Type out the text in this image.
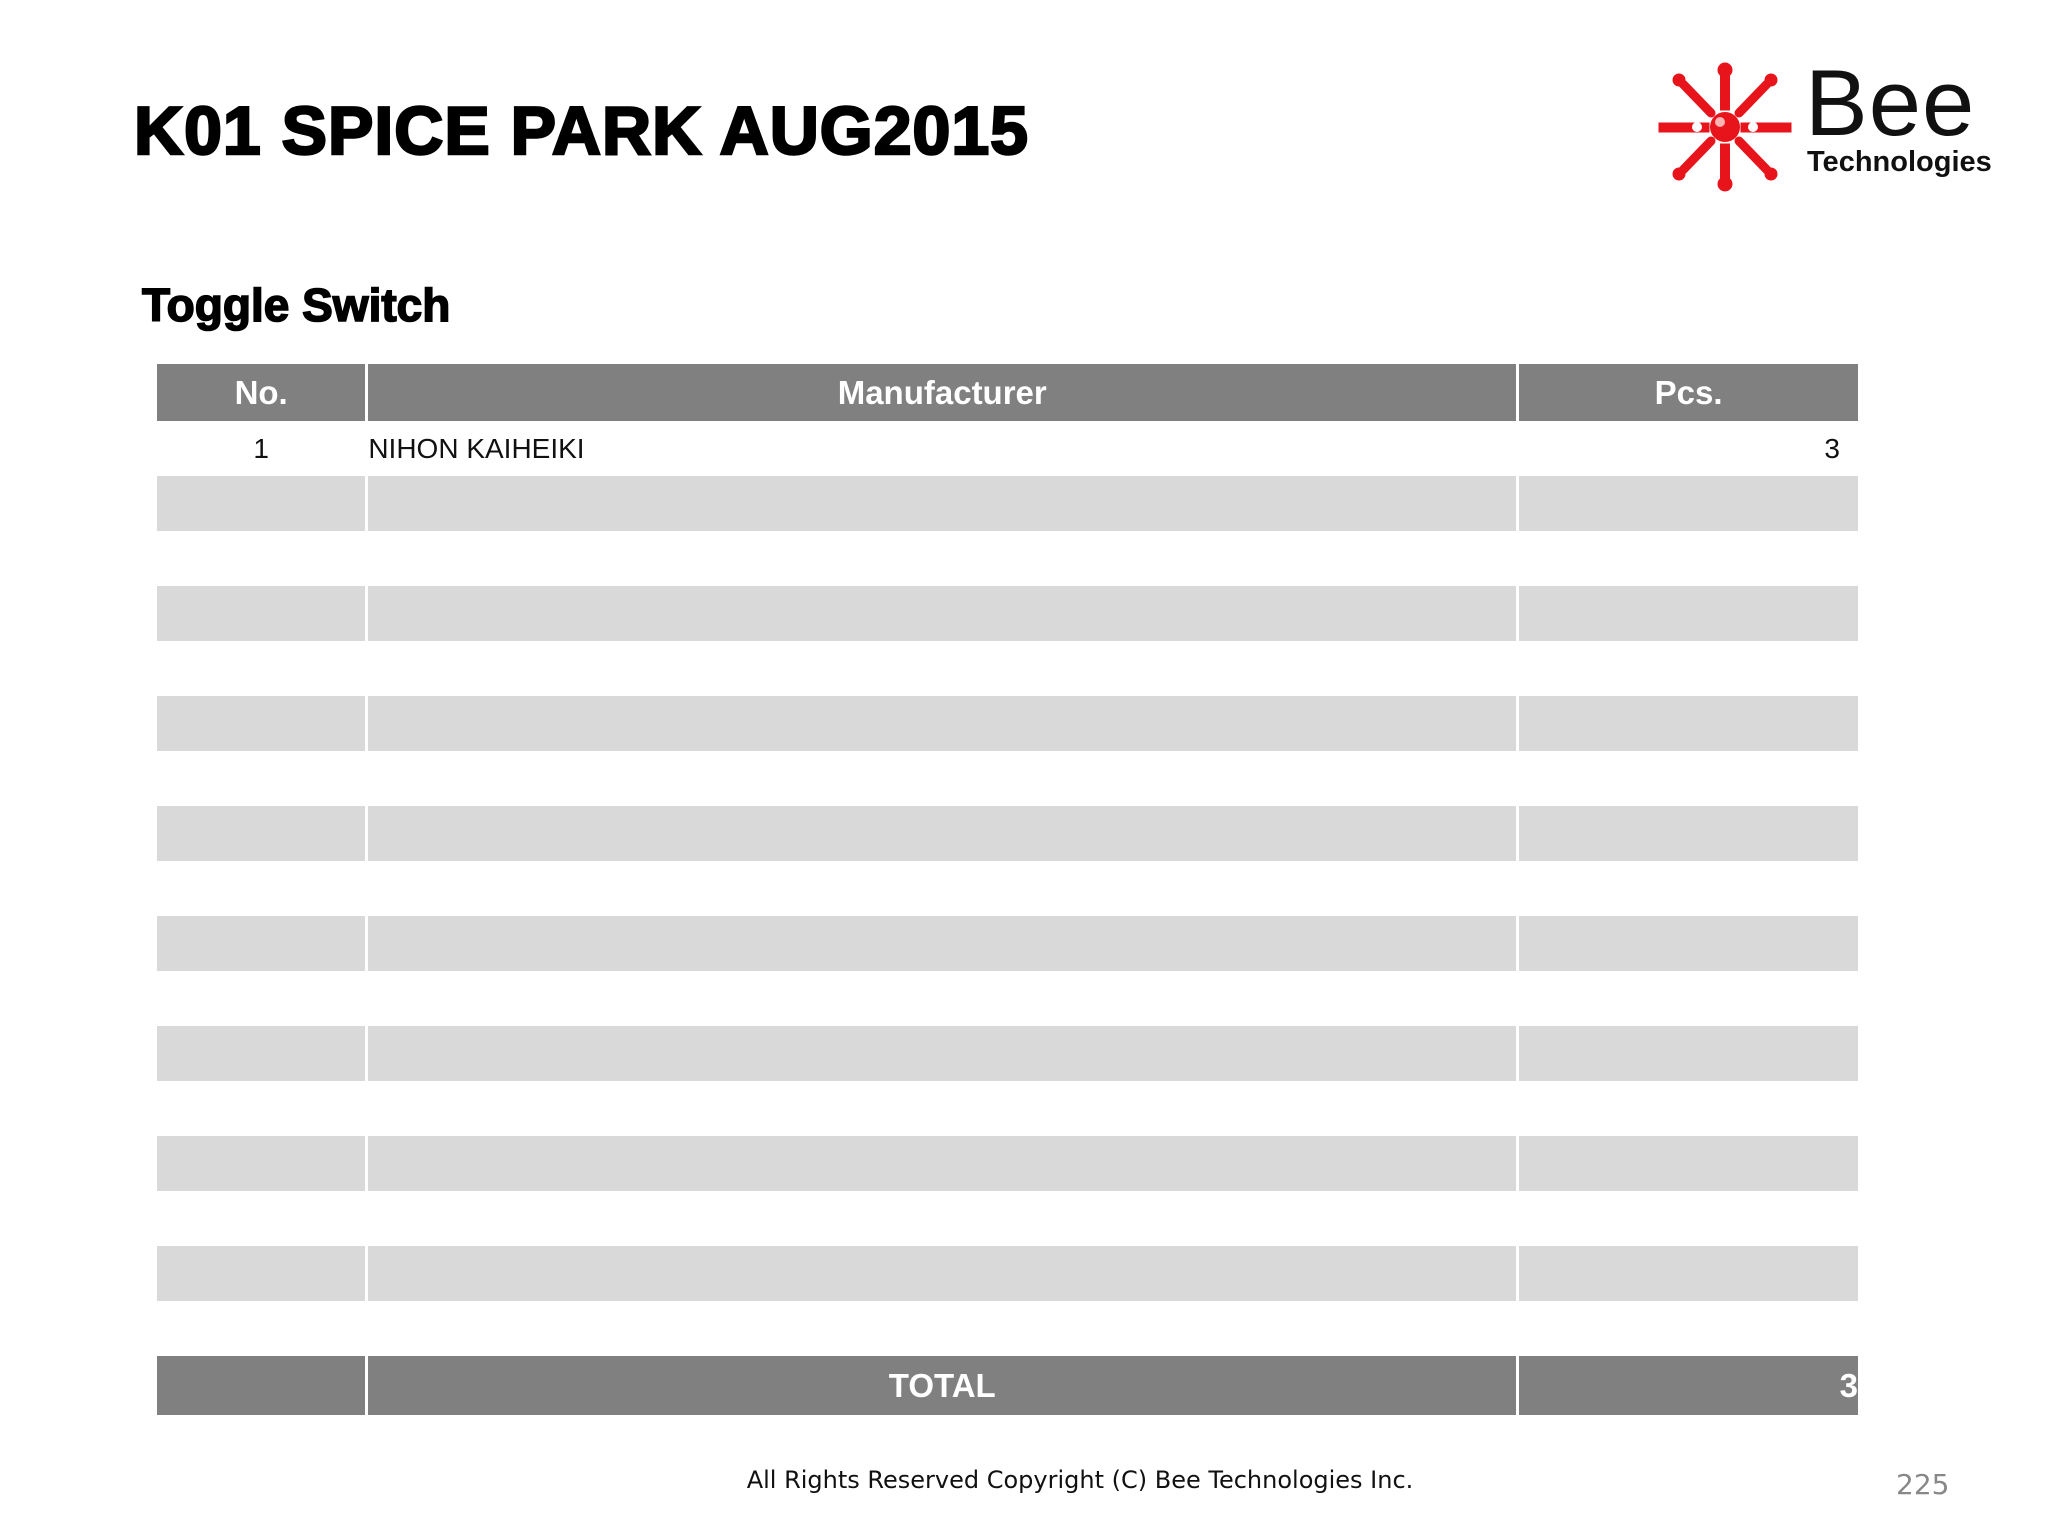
K01 SPICE PARK AUG2015	Bee
Technologies
Toggle Switch
No.	Manufacturer	Pcs.
1	NIHON KAIHEIKI	3

	TOTAL	3
All Rights Reserved Copyright (C) Bee Technologies Inc.	225
